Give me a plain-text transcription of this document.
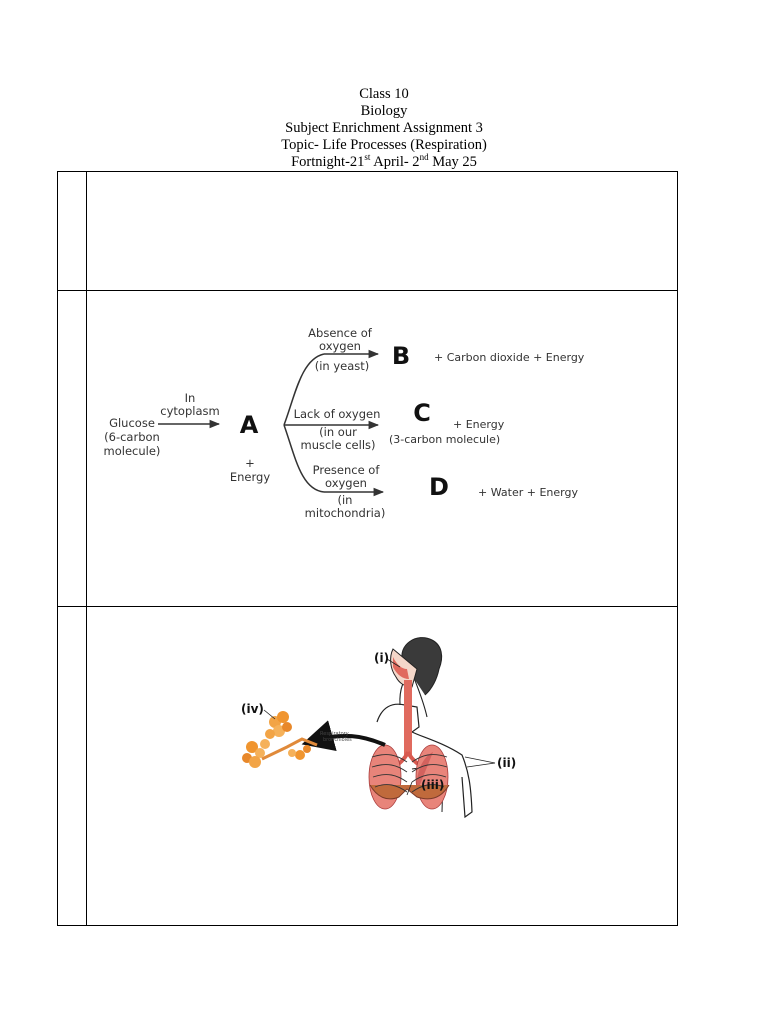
Class 10
Biology
Subject Enrichment Assignment 3
Topic- Life Processes (Respiration)
Fortnight-21st April- 2nd May 25
Glucose
(6-carbon
molecule)
In
cytoplasm A
+
Energy
Absence of
oxygen
(in yeast)
Lack of oxygen
(in our
muscle cells)
Presence of
oxygen
(in
mitochondria)
B
C
D
+ Carbon dioxide + Energy
+ Energy
(3-carbon molecule)
+ Water + Energy
Respiratory
bronchioles
(i)
(iv)
(ii)
(iii)
